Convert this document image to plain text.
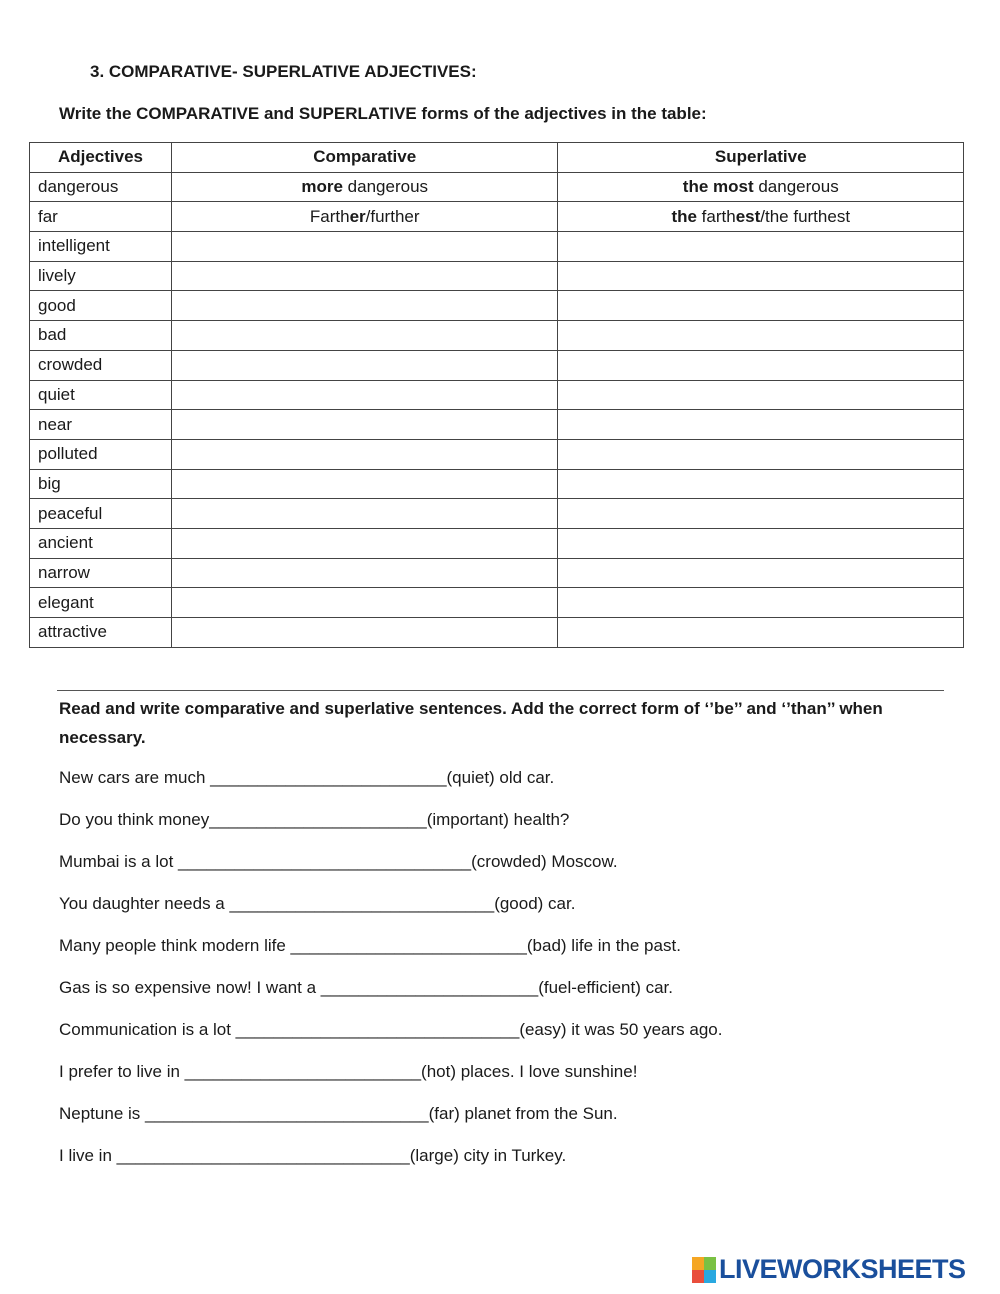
3. COMPARATIVE- SUPERLATIVE ADJECTIVES:
Write the COMPARATIVE and SUPERLATIVE forms of the adjectives in the table:
Adjectives	Comparative	Superlative
dangerous	more dangerous	the most dangerous
far	Farther/further	the farthest/the furthest
intelligent		
lively		
good		
bad		
crowded		
quiet		
near		
polluted		
big		
peaceful		
ancient		
narrow		
elegant		
attractive		
Read and write comparative and superlative sentences. Add the correct form of ‘’be’’ and ‘’than’’ when necessary.
New cars are much _________________________(quiet) old car.
Do you think money_______________________(important) health?
Mumbai is a lot _______________________________(crowded) Moscow.
You daughter needs a ____________________________(good) car.
Many people think modern life _________________________(bad) life in the past.
Gas is so expensive now! I want a _______________________(fuel-efficient) car.
Communication is a lot ______________________________(easy) it was 50 years ago.
I prefer to live in _________________________(hot) places. I love sunshine!
Neptune is ______________________________(far) planet from the Sun.
I live in _______________________________(large) city in Turkey.
LIVEWORKSHEETS
